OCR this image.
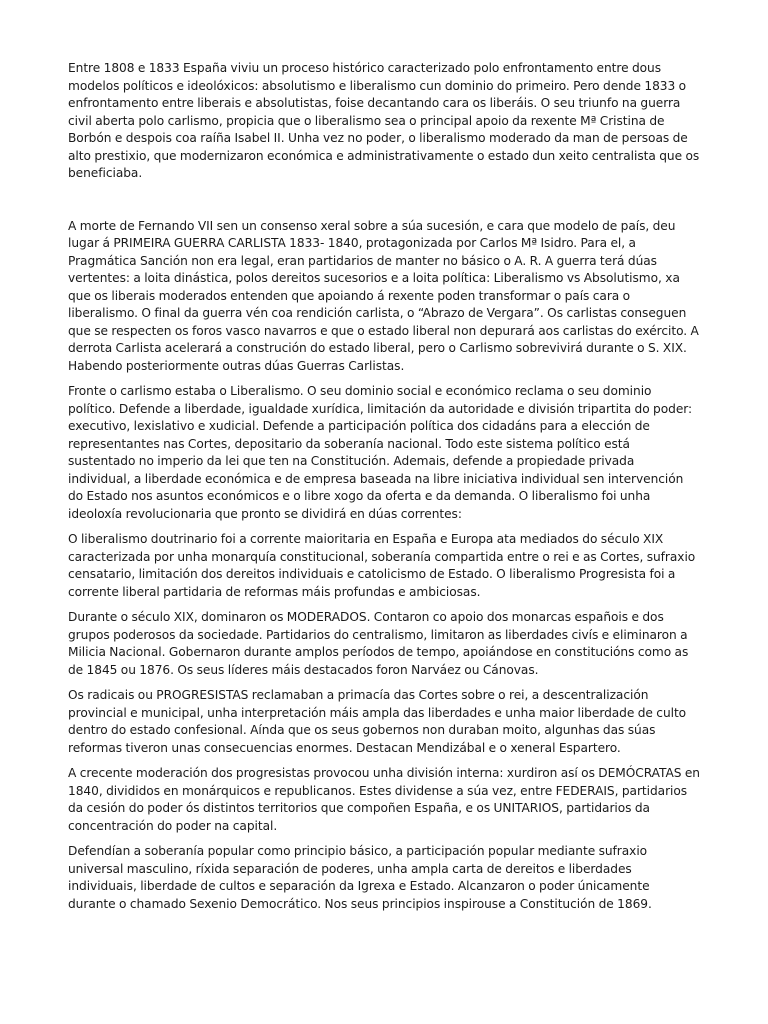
Entre 1808 e 1833 España viviu un proceso histórico caracterizado polo enfrontamento entre dous modelos políticos e ideolóxicos: absolutismo e liberalismo cun dominio do primeiro. Pero dende 1833 o enfrontamento entre liberais e absolutistas, foise decantando cara os liberáis. O seu triunfo na guerra civil aberta polo carlismo, propicia que o liberalismo sea o principal apoio da rexente Mª Cristina de Borbón e despois coa raíña Isabel II. Unha vez no poder, o liberalismo moderado da man de persoas de alto prestixio, que modernizaron económica e administrativamente o estado dun xeito centralista que os beneficiaba.

A morte de Fernando VII sen un consenso xeral sobre a súa sucesión, e cara que modelo de país, deu lugar á PRIMEIRA GUERRA CARLISTA 1833- 1840, protagonizada por Carlos Mª Isidro. Para el, a Pragmática Sanción non era legal, eran partidarios de manter no básico o A. R. A guerra terá dúas vertentes: a loita dinástica, polos dereitos sucesorios e a loita política: Liberalismo vs Absolutismo, xa que os liberais moderados entenden que apoiando á rexente poden transformar o país cara o liberalismo. O final da guerra vén coa rendición carlista, o “Abrazo de Vergara”. Os carlistas conseguen que se respecten os foros vasco navarros e que o estado liberal non depurará aos carlistas do exército. A derrota Carlista acelerará a construción do estado liberal, pero o Carlismo sobrevivirá durante o S. XIX. Habendo posteriormente outras dúas Guerras Carlistas.

Fronte o carlismo estaba o Liberalismo. O seu dominio social e económico reclama o seu dominio político. Defende a liberdade, igualdade xurídica, limitación da autoridade e división tripartita do poder: executivo, lexislativo e xudicial. Defende a participación política dos cidadáns para a elección de representantes nas Cortes, depositario da soberanía nacional. Todo este sistema político está sustentado no imperio da lei que ten na Constitución. Ademais, defende a propiedade privada individual, a liberdade económica e de empresa baseada na libre iniciativa individual sen intervención do Estado nos asuntos económicos e o libre xogo da oferta e da demanda. O liberalismo foi unha ideoloxía revolucionaria que pronto se dividirá en dúas correntes:

O liberalismo doutrinario foi a corrente maioritaria en España e Europa ata mediados do século XIX caracterizada por unha monarquía constitucional, soberanía compartida entre o rei e as Cortes, sufraxio censatario, limitación dos dereitos individuais e catolicismo de Estado. O liberalismo Progresista foi a corrente liberal partidaria de reformas máis profundas e ambiciosas.

Durante o século XIX, dominaron os MODERADOS. Contaron co apoio dos monarcas españois e dos grupos poderosos da sociedade. Partidarios do centralismo, limitaron as liberdades civís e eliminaron a Milicia Nacional. Gobernaron durante amplos períodos de tempo, apoiándose en constitucións como as de 1845 ou 1876. Os seus líderes máis destacados foron Narváez ou Cánovas.

Os radicais ou PROGRESISTAS reclamaban a primacía das Cortes sobre o rei, a descentralización provincial e municipal, unha interpretación máis ampla das liberdades e unha maior liberdade de culto dentro do estado confesional. Aínda que os seus gobernos non duraban moito, algunhas das súas reformas tiveron unas consecuencias enormes. Destacan Mendizábal e o xeneral Espartero.

A crecente moderación dos progresistas provocou unha división interna: xurdiron así os DEMÓCRATAS en 1840, divididos en monárquicos e republicanos. Estes dividense a súa vez, entre FEDERAIS, partidarios da cesión do poder ós distintos territorios que compoñen España, e os UNITARIOS, partidarios da concentración do poder na capital.

Defendían a soberanía popular como principio básico, a participación popular mediante sufraxio universal masculino, ríxida separación de poderes, unha ampla carta de dereitos e liberdades individuais, liberdade de cultos e separación da Igrexa e Estado. Alcanzaron o poder únicamente durante o chamado Sexenio Democrático. Nos seus principios inspirouse a Constitución de 1869.
